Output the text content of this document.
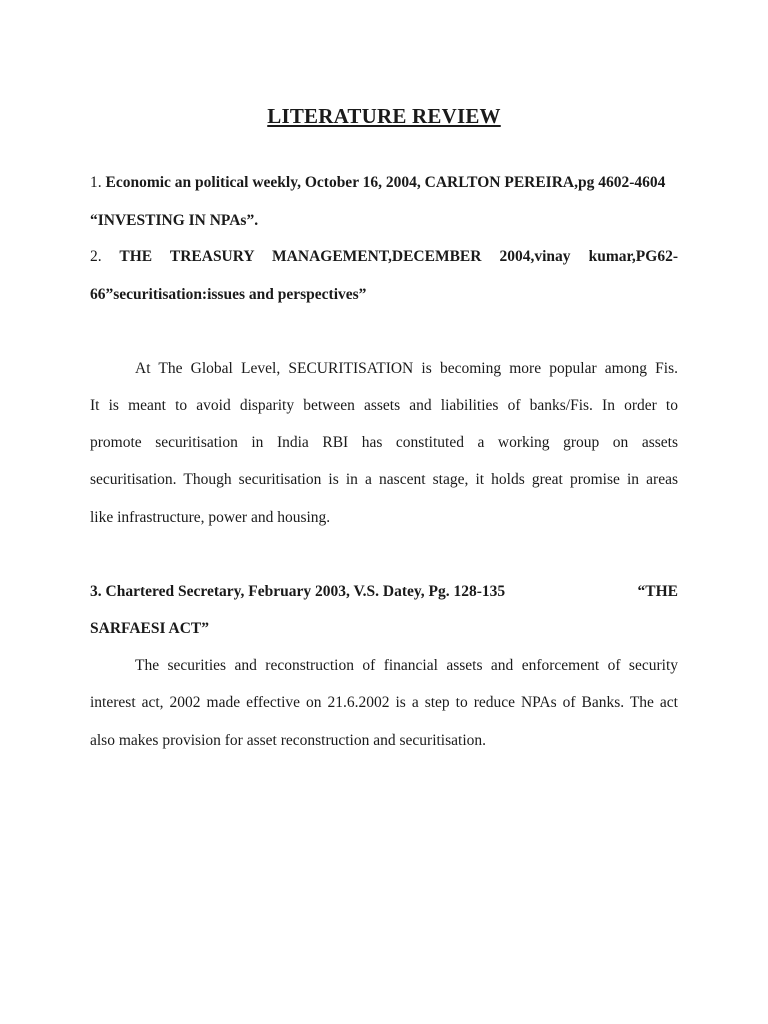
LITERATURE REVIEW
1. Economic an political weekly, October 16, 2004, CARLTON PEREIRA,pg 4602-4604
“INVESTING IN NPAs”.
2. THE TREASURY MANAGEMENT,DECEMBER 2004,vinay kumar,PG62-
66”securitisation:issues and perspectives”
At The Global Level, SECURITISATION is becoming more popular among Fis.
It is meant to avoid disparity between assets and liabilities of banks/Fis. In order to
promote securitisation in India RBI has constituted a working group on assets
securitisation. Though securitisation is in a nascent stage, it holds great promise in areas
like infrastructure, power and housing.
3. Chartered Secretary, February 2003, V.S. Datey, Pg. 128-135	“THE
SARFAESI ACT”
The securities and reconstruction of financial assets and enforcement of security
interest act, 2002 made effective on 21.6.2002 is a step to reduce NPAs of Banks. The act
also makes provision for asset reconstruction and securitisation.
